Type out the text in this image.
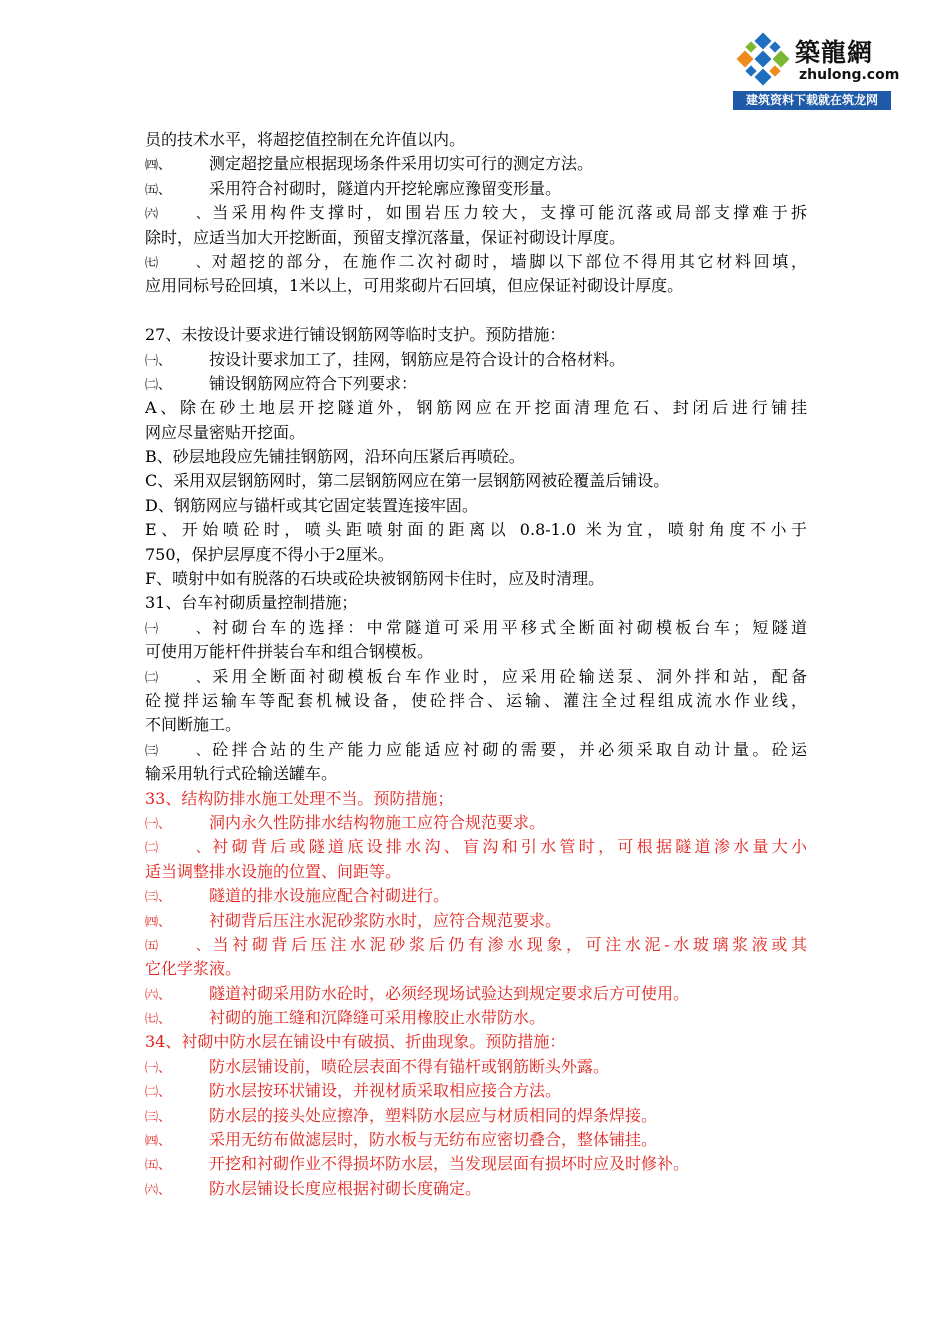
築龍網
zhulong.com
建筑资料下载就在筑龙网
员的技术水平，将超挖值控制在允许值以内。
㈣、 测定超挖量应根据现场条件采用切实可行的测定方法。
㈤、 采用符合衬砌时，隧道内开挖轮廓应豫留变形量。
㈥、当采用构件支撑时，如围岩压力较大，支撑可能沉落或局部支撑难于拆
除时，应适当加大开挖断面，预留支撑沉落量，保证衬砌设计厚度。
㈦、对超挖的部分，在施作二次衬砌时，墙脚以下部位不得用其它材料回填，
应用同标号砼回填，1米以上，可用浆砌片石回填，但应保证衬砌设计厚度。
27、未按设计要求进行铺设钢筋网等临时支护。预防措施：
㈠、 按设计要求加工了，挂网，钢筋应是符合设计的合格材料。
㈡、 铺设钢筋网应符合下列要求：
A、除在砂土地层开挖隧道外，钢筋网应在开挖面清理危石、封闭后进行铺挂
网应尽量密贴开挖面。
B、砂层地段应先铺挂钢筋网，沿环向压紧后再喷砼。
C、采用双层钢筋网时，第二层钢筋网应在第一层钢筋网被砼覆盖后铺设。
D、钢筋网应与锚杆或其它固定装置连接牢固。
E、开始喷砼时，喷头距喷射面的距离以 0.8-1.0 米为宜，喷射角度不小于
750，保护层厚度不得小于2厘米。
F、喷射中如有脱落的石块或砼块被钢筋网卡住时，应及时清理。
31、台车衬砌质量控制措施；
㈠、衬砌台车的选择：中常隧道可采用平移式全断面衬砌模板台车；短隧道
可使用万能杆件拼装台车和组合钢模板。
㈡、采用全断面衬砌模板台车作业时，应采用砼输送泵、洞外拌和站，配备
砼搅拌运输车等配套机械设备，使砼拌合、运输、灌注全过程组成流水作业线，
不间断施工。
㈢、砼拌合站的生产能力应能适应衬砌的需要，并必须采取自动计量。砼运
输采用轨行式砼输送罐车。
33、结构防排水施工处理不当。预防措施；
㈠、 洞内永久性防排水结构物施工应符合规范要求。
㈡、衬砌背后或隧道底设排水沟、盲沟和引水管时，可根据隧道渗水量大小
适当调整排水设施的位置、间距等。
㈢、 隧道的排水设施应配合衬砌进行。
㈣、 衬砌背后压注水泥砂浆防水时，应符合规范要求。
㈤、当衬砌背后压注水泥砂浆后仍有渗水现象，可注水泥-水玻璃浆液或其
它化学浆液。
㈥、 隧道衬砌采用防水砼时，必须经现场试验达到规定要求后方可使用。
㈦、 衬砌的施工缝和沉降缝可采用橡胶止水带防水。
34、衬砌中防水层在铺设中有破损、折曲现象。预防措施：
㈠、 防水层铺设前，喷砼层表面不得有锚杆或钢筋断头外露。
㈡、 防水层按环状铺设，并视材质采取相应接合方法。
㈢、 防水层的接头处应擦净，塑料防水层应与材质相同的焊条焊接。
㈣、 采用无纺布做滤层时，防水板与无纺布应密切叠合，整体铺挂。
㈤、 开挖和衬砌作业不得损坏防水层，当发现层面有损坏时应及时修补。
㈥、 防水层铺设长度应根据衬砌长度确定。
